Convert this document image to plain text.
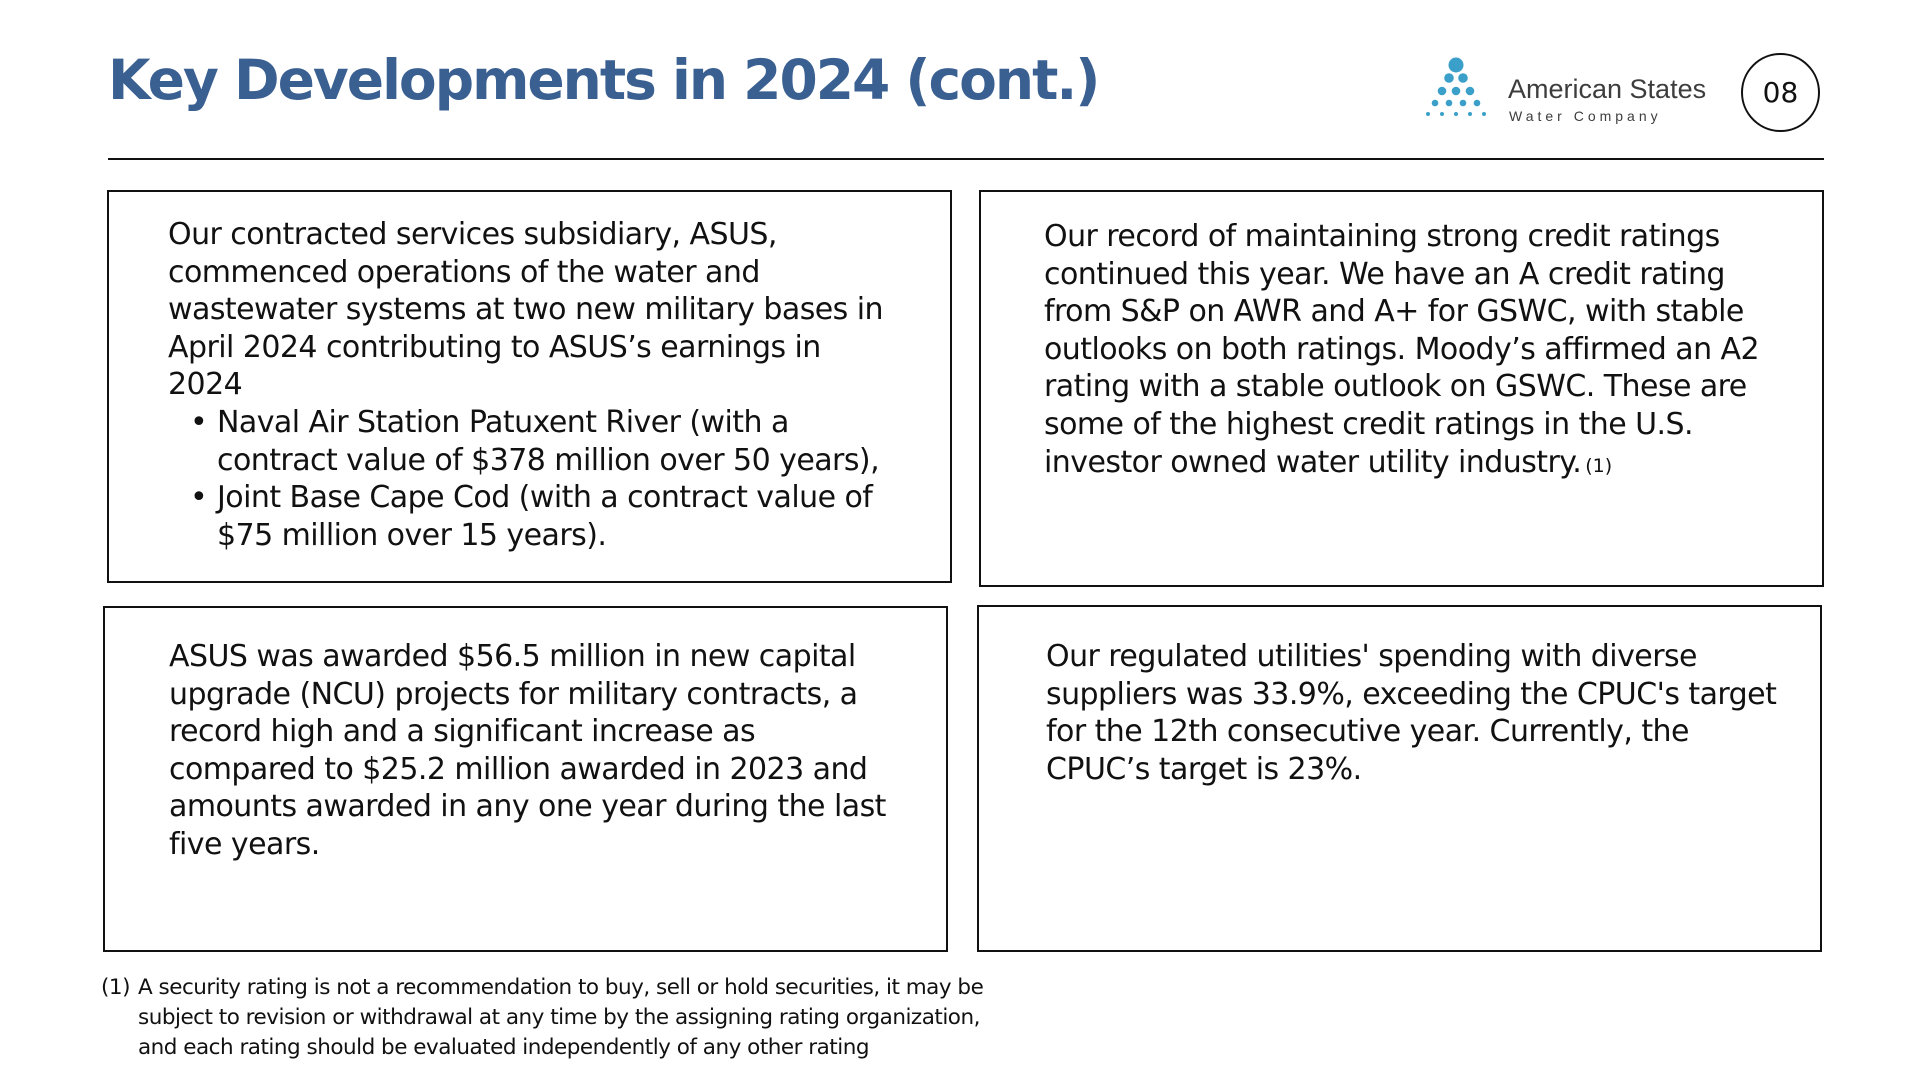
Key Developments in 2024 (cont.)	American States
Water Company
08

Our contracted services subsidiary, ASUS, commenced operations of the water and wastewater systems at two new military bases in April 2024 contributing to ASUS’s earnings in 2024

• Naval Air Station Patuxent River (with a contract value of $378 million over 50 years),
• Joint Base Cape Cod (with a contract value of $75 million over 15 years).

Our record of maintaining strong credit ratings continued this year. We have an A credit rating from S&P on AWR and A+ for GSWC, with stable outlooks on both ratings. Moody’s affirmed an A2 rating with a stable outlook on GSWC. These are some of the highest credit ratings in the U.S. investor owned water utility industry. (1)

ASUS was awarded $56.5 million in new capital upgrade (NCU) projects for military contracts, a record high and a significant increase as compared to $25.2 million awarded in 2023 and amounts awarded in any one year during the last five years.

Our regulated utilities' spending with diverse suppliers was 33.9%, exceeding the CPUC's target for the 12th consecutive year. Currently, the CPUC’s target is 23%.

(1) A security rating is not a recommendation to buy, sell or hold securities, it may be subject to revision or withdrawal at any time by the assigning rating organization, and each rating should be evaluated independently of any other rating
